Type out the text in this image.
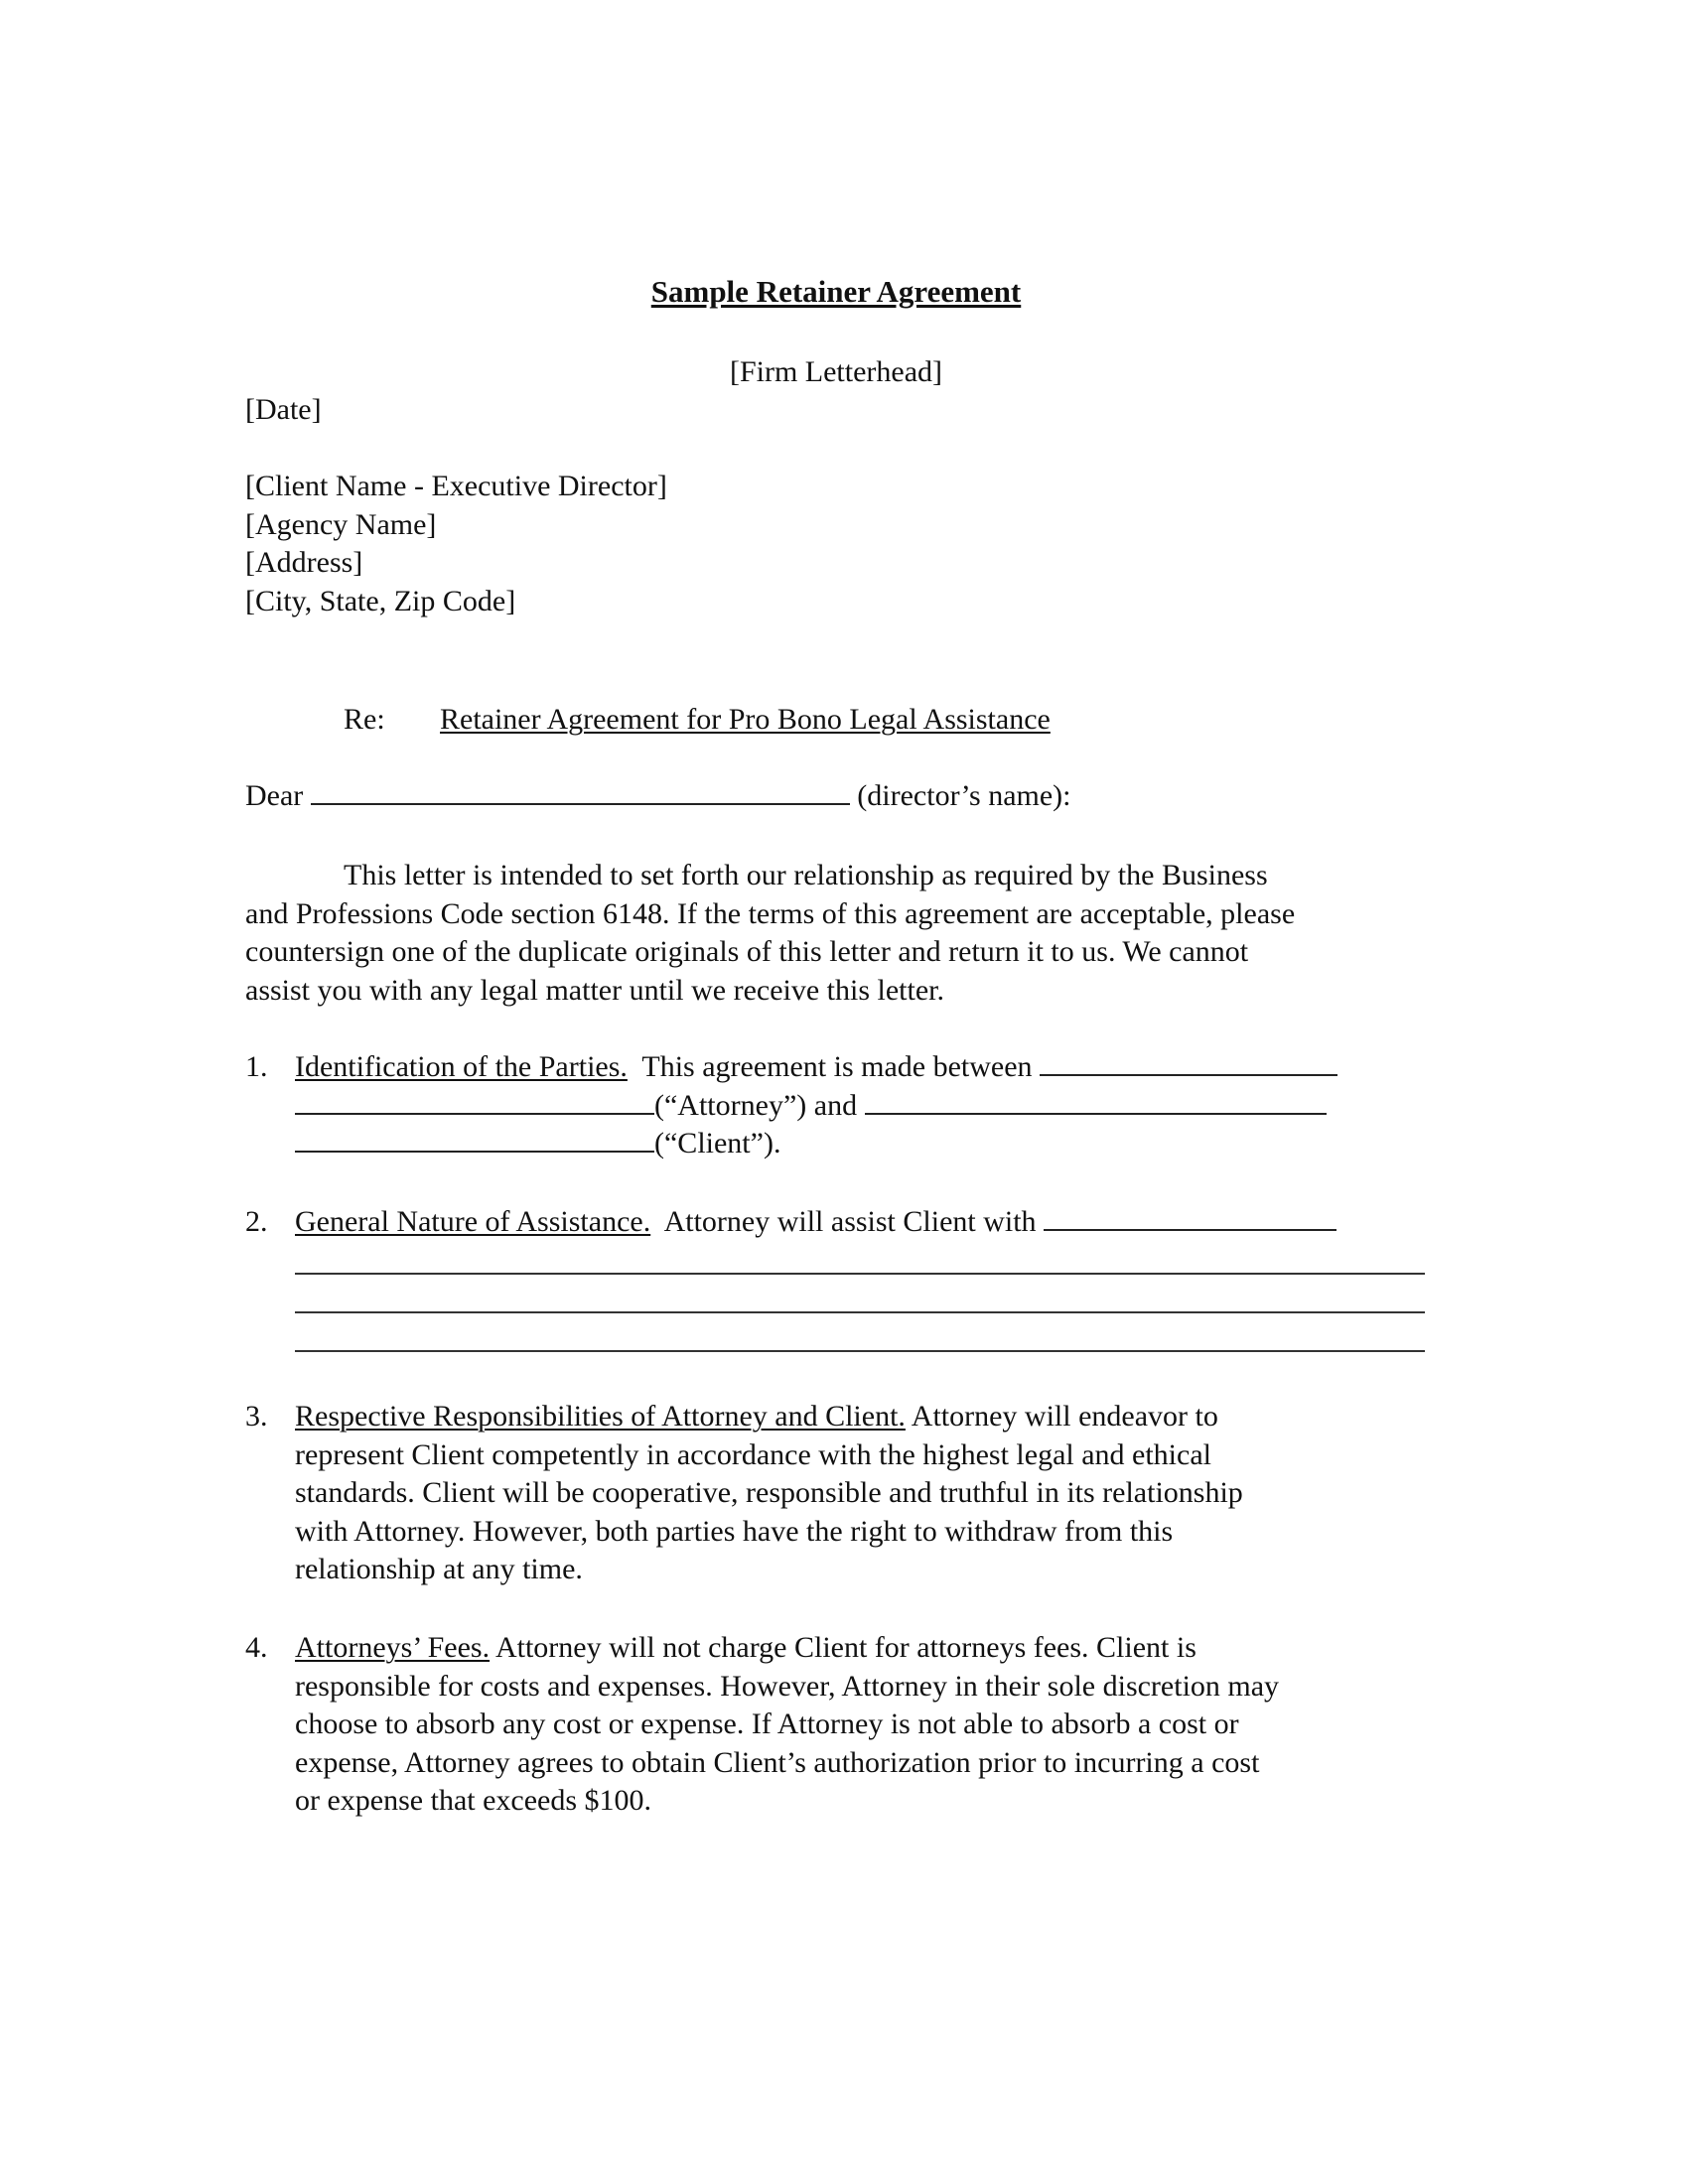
Sample Retainer Agreement
[Firm Letterhead]
[Date]
[Client Name - Executive Director]
[Agency Name]
[Address]
[City, State, Zip Code]
Re: Retainer Agreement for Pro Bono Legal Assistance
Dear	(director’s name):
This letter is intended to set forth our relationship as required by the Business
and Professions Code section 6148. If the terms of this agreement are acceptable, please
countersign one of the duplicate originals of this letter and return it to us. We cannot
assist you with any legal matter until we receive this letter.
1. Identification of the Parties. This agreement is made between
(“Attorney”) and
(“Client”).
2. General Nature of Assistance. Attorney will assist Client with
3. Respective Responsibilities of Attorney and Client. Attorney will endeavor to
represent Client competently in accordance with the highest legal and ethical
standards. Client will be cooperative, responsible and truthful in its relationship
with Attorney. However, both parties have the right to withdraw from this
relationship at any time.
4. Attorneys’ Fees. Attorney will not charge Client for attorneys fees. Client is
responsible for costs and expenses. However, Attorney in their sole discretion may
choose to absorb any cost or expense. If Attorney is not able to absorb a cost or
expense, Attorney agrees to obtain Client’s authorization prior to incurring a cost
or expense that exceeds $100.
